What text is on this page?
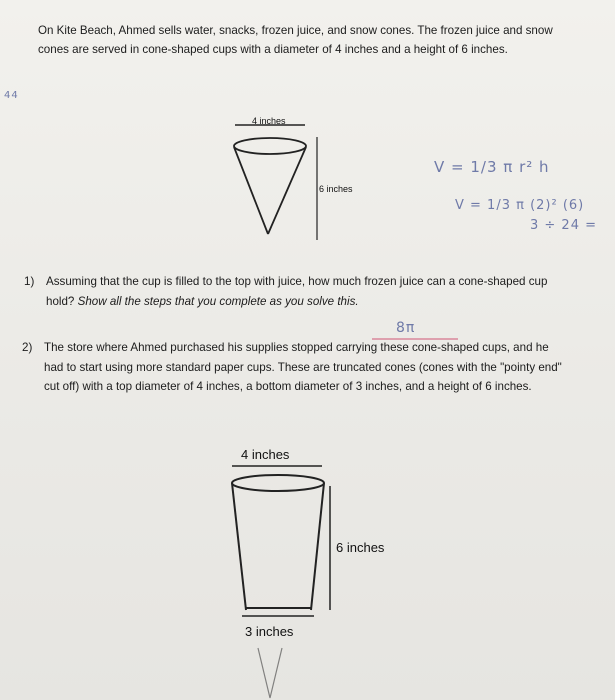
On Kite Beach, Ahmed sells water, snacks, frozen juice, and snow cones. The frozen juice and snow cones are served in cone-shaped cups with a diameter of 4 inches and a height of 6 inches.
4 inches
6 inches
44
V = 1/3 π r² h
V = 1/3 π (2)² (6)
3 ÷ 24 =
1) Assuming that the cup is filled to the top with juice, how much frozen juice can a cone-shaped cup hold? Show all the steps that you complete as you solve this.
8π
2) The store where Ahmed purchased his supplies stopped carrying these cone-shaped cups, and he had to start using more standard paper cups. These are truncated cones (cones with the "pointy end" cut off) with a top diameter of 4 inches, a bottom diameter of 3 inches, and a height of 6 inches.
4 inches
6 inches
3 inches
